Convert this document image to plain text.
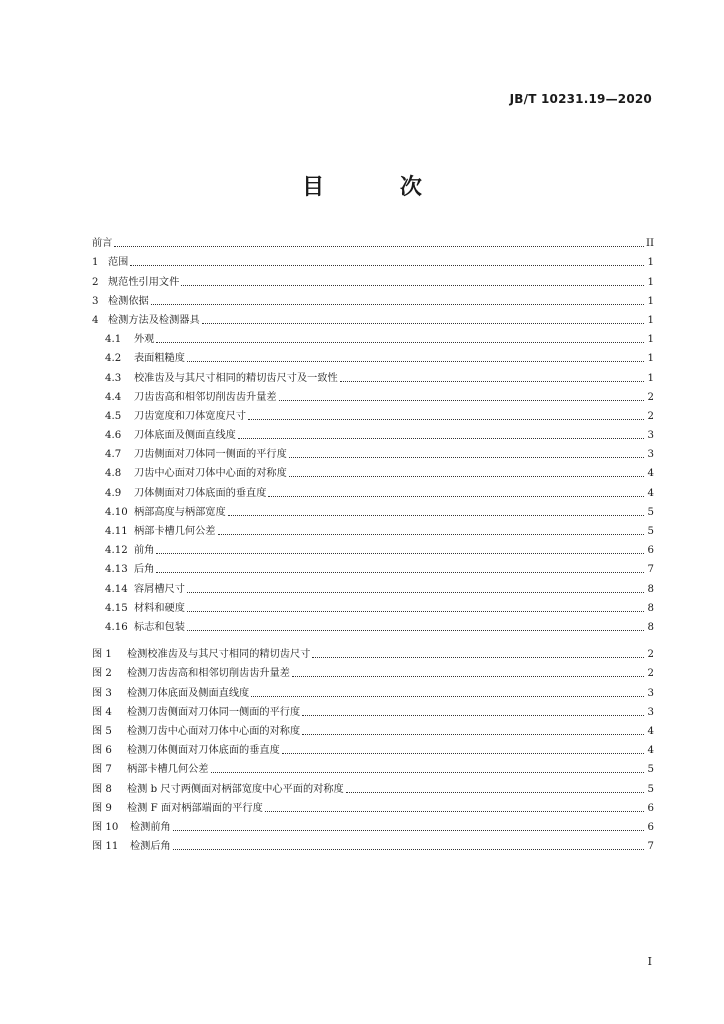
JB/T 10231.19—2020
目 次
前言	II
1 范围	1
2 规范性引用文件	1
3 检测依据	1
4 检测方法及检测器具	1
4.1	外观	1
4.2	表面粗糙度	1
4.3	校准齿及与其尺寸相同的精切齿尺寸及一致性	1
4.4	刀齿齿高和相邻切削齿齿升量差	2
4.5	刀齿宽度和刀体宽度尺寸	2
4.6	刀体底面及侧面直线度	3
4.7	刀齿侧面对刀体同一侧面的平行度	3
4.8	刀齿中心面对刀体中心面的对称度	4
4.9	刀体侧面对刀体底面的垂直度	4
4.10 柄部高度与柄部宽度	5
4.11 柄部卡槽几何公差	5
4.12 前角	6
4.13 后角	7
4.14 容屑槽尺寸	8
4.15 材料和硬度	8
4.16 标志和包装	8
图 1	检测校准齿及与其尺寸相同的精切齿尺寸	2
图 2	检测刀齿齿高和相邻切削齿齿升量差	2
图 3	检测刀体底面及侧面直线度	3
图 4	检测刀齿侧面对刀体同一侧面的平行度	3
图 5	检测刀齿中心面对刀体中心面的对称度	4
图 6	检测刀体侧面对刀体底面的垂直度	4
图 7	柄部卡槽几何公差	5
图 8	检测 b 尺寸两侧面对柄部宽度中心平面的对称度	5
图 9	检测 F 面对柄部端面的平行度	6
图 10	检测前角	6
图 11	检测后角	7
I
